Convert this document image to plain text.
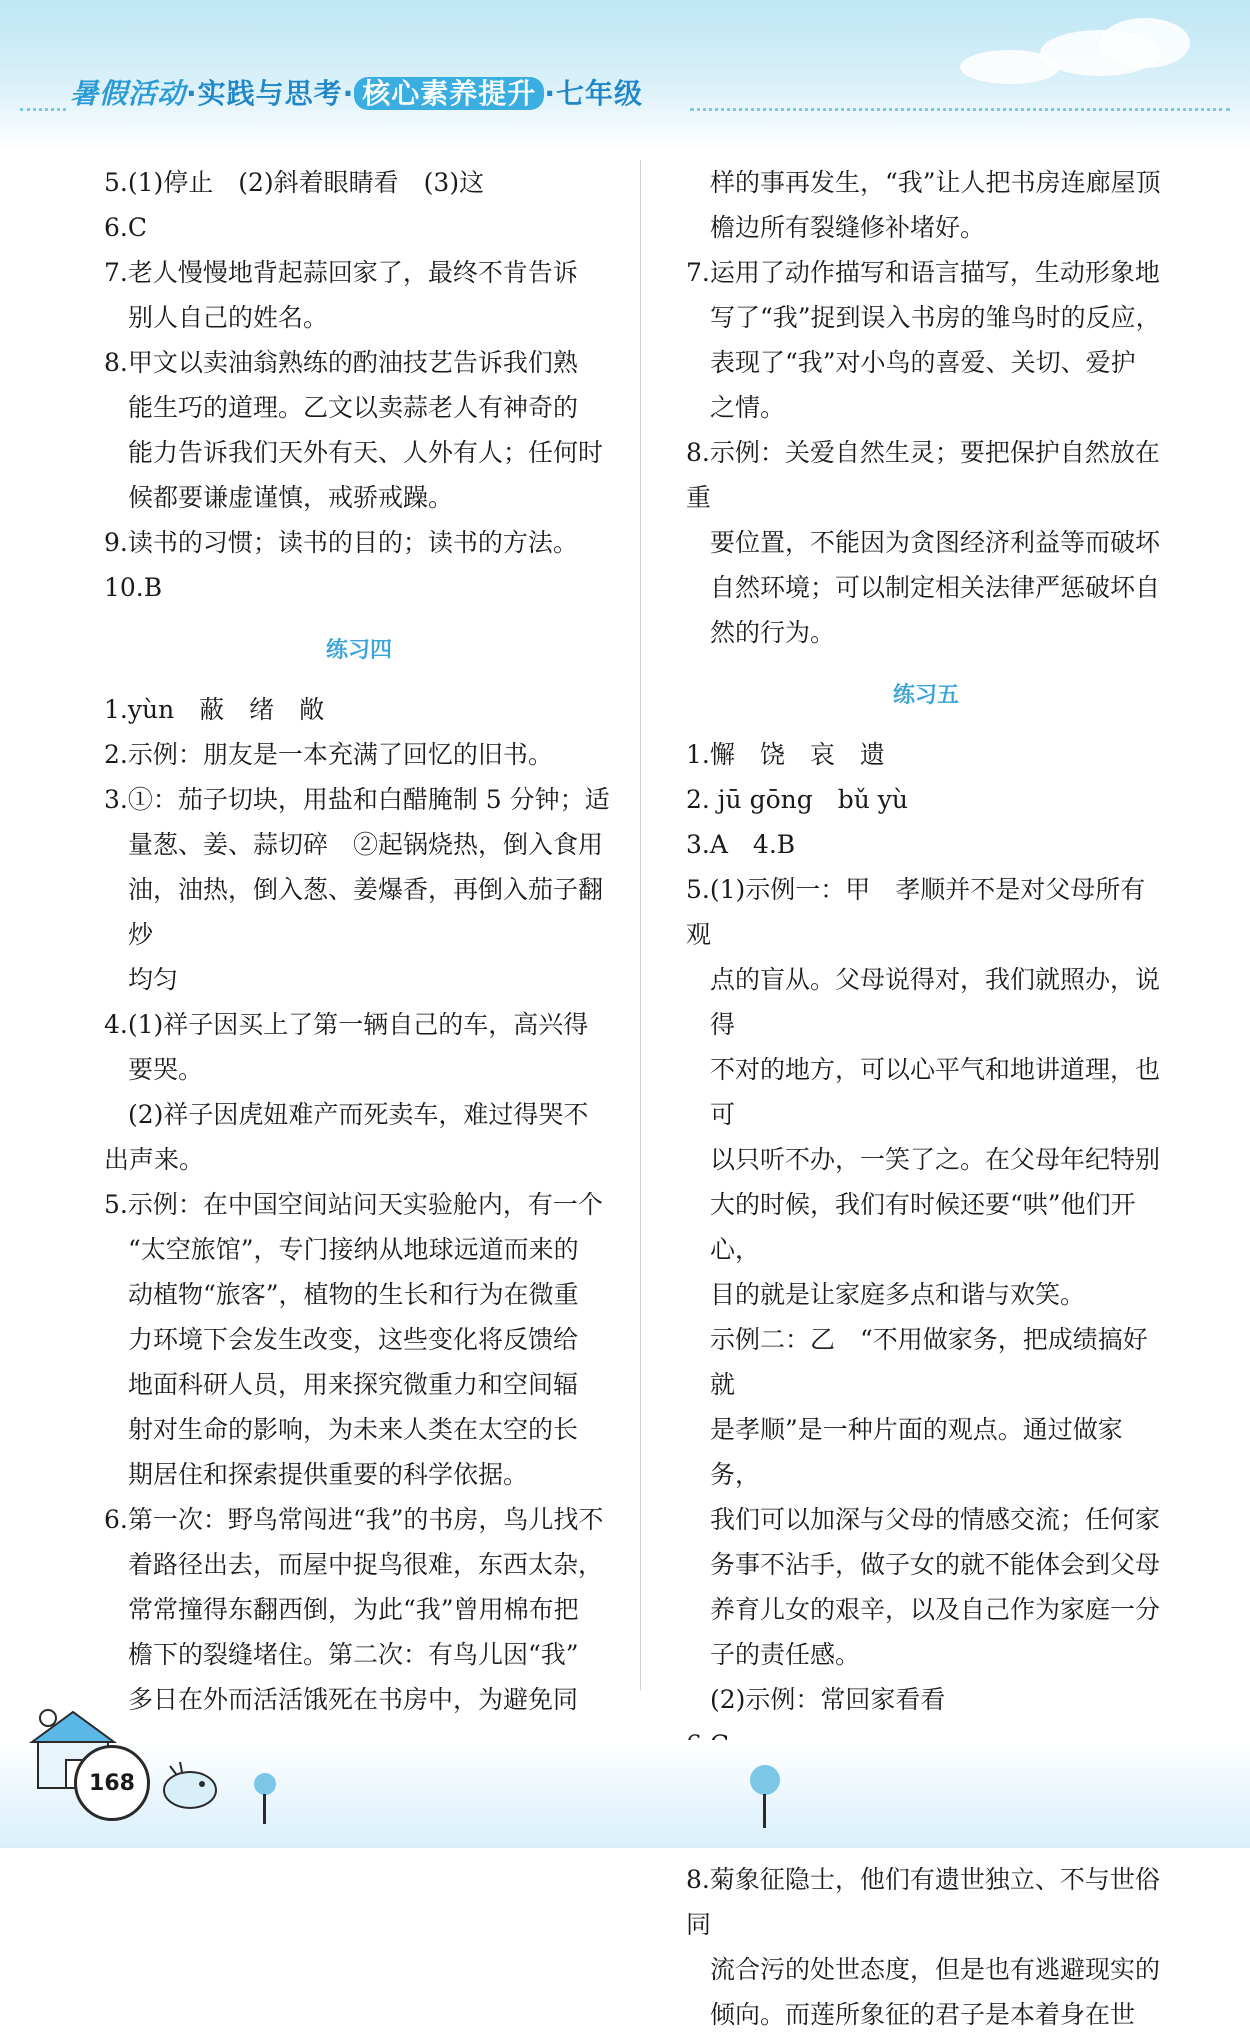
暑假活动·实践与思考· 核心素养提升 ·七年级
5.(1)停止　(2)斜着眼睛看　(3)这
6.C
7.老人慢慢地背起蒜回家了，最终不肯告诉
别人自己的姓名。
8.甲文以卖油翁熟练的酌油技艺告诉我们熟
能生巧的道理。乙文以卖蒜老人有神奇的
能力告诉我们天外有天、人外有人；任何时
候都要谦虚谨慎，戒骄戒躁。
9.读书的习惯；读书的目的；读书的方法。
10.B
练习四
1.yùn　蔽　绪　敞
2.示例：朋友是一本充满了回忆的旧书。
3.①：茄子切块，用盐和白醋腌制 5 分钟；适
量葱、姜、蒜切碎　②起锅烧热，倒入食用
油，油热，倒入葱、姜爆香，再倒入茄子翻炒
均匀
4.(1)祥子因买上了第一辆自己的车，高兴得
要哭。
(2)祥子因虎妞难产而死卖车，难过得哭不
出声来。
5.示例：在中国空间站问天实验舱内，有一个
“太空旅馆”，专门接纳从地球远道而来的
动植物“旅客”，植物的生长和行为在微重
力环境下会发生改变，这些变化将反馈给
地面科研人员，用来探究微重力和空间辐
射对生命的影响，为未来人类在太空的长
期居住和探索提供重要的科学依据。
6.第一次：野鸟常闯进“我”的书房，鸟儿找不
着路径出去，而屋中捉鸟很难，东西太杂，
常常撞得东翻西倒，为此“我”曾用棉布把
檐下的裂缝堵住。第二次：有鸟儿因“我”
多日在外而活活饿死在书房中，为避免同
样的事再发生，“我”让人把书房连廊屋顶
檐边所有裂缝修补堵好。
7.运用了动作描写和语言描写，生动形象地
写了“我”捉到误入书房的雏鸟时的反应，
表现了“我”对小鸟的喜爱、关切、爱护
之情。
8.示例：关爱自然生灵；要把保护自然放在重
要位置，不能因为贪图经济利益等而破坏
自然环境；可以制定相关法律严惩破坏自
然的行为。
练习五
1.懈　饶　哀　遗
2. jū gōng　bǔ yù
3.A　4.B
5.(1)示例一：甲　孝顺并不是对父母所有观
点的盲从。父母说得对，我们就照办，说得
不对的地方，可以心平气和地讲道理，也可
以只听不办，一笑了之。在父母年纪特别
大的时候，我们有时候还要“哄”他们开心，
目的就是让家庭多点和谐与欢笑。
示例二：乙　“不用做家务，把成绩搞好就
是孝顺”是一种片面的观点。通过做家务，
我们可以加深与父母的情感交流；任何家
务事不沾手，做子女的就不能体会到父母
养育儿女的艰辛，以及自己作为家庭一分
子的责任感。
(2)示例：常回家看看
8.菊象征隐士，他们有遗世独立、不与世俗同
流合污的处世态度，但是也有逃避现实的
倾向。而莲所象征的君子是本着身在世
168
